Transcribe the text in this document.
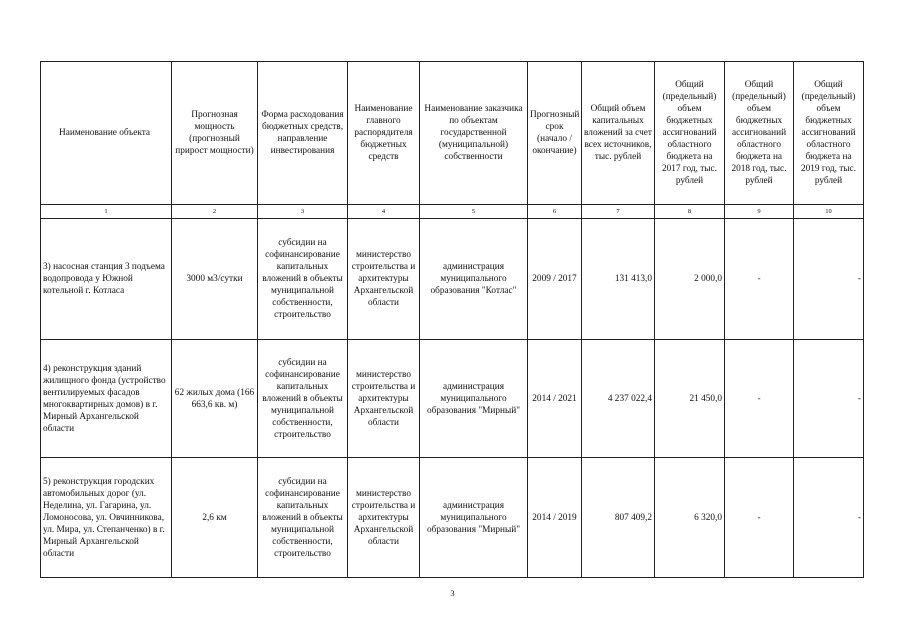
Наименование объекта	Прогнозная мощность (прогнозный прирост мощности)	Форма расходования бюджетных средств, направление инвестирования	Наименование главного распорядителя бюджетных средств	Наименование заказчика по объектам государственной (муниципальной) собственности	Прогнозный срок (начало / окончание)	Общий объем капитальных вложений за счет всех источников, тыс. рублей	Общий (предельный) объем бюджетных ассигнований областного бюджета на 2017 год, тыс. рублей	Общий (предельный) объем бюджетных ассигнований областного бюджета на 2018 год, тыс. рублей	Общий (предельный) объем бюджетных ассигнований областного бюджета на 2019 год, тыс. рублей
1	2	3	4	5	6	7	8	9	10
3) насосная станция 3 подъема водопровода у Южной котельной г. Котласа	3000 м3/сутки	субсидии на софинансирование капитальных вложений в объекты муниципальной собственности, строительство	министерство строительства и архитектуры Архангельской области	администрация муниципального образования "Котлас"	2009 / 2017	131 413,0	2 000,0	-	-
4) реконструкция зданий жилищного фонда (устройство вентилируемых фасадов многоквартирных домов) в г. Мирный Архангельской области	62 жилых дома (166 663,6 кв. м)	субсидии на софинансирование капитальных вложений в объекты муниципальной собственности, строительство	министерство строительства и архитектуры Архангельской области	администрация муниципального образования "Мирный"	2014 / 2021	4 237 022,4	21 450,0	-	-
5) реконструкция городских автомобильных дорог (ул. Неделина, ул. Гагарина, ул. Ломоносова, ул. Овчинникова, ул. Мира, ул. Степанченко) в г. Мирный Архангельской области	2,6 км	субсидии на софинансирование капитальных вложений в объекты муниципальной собственности, строительство	министерство строительства и архитектуры Архангельской области	администрация муниципального образования "Мирный"	2014 / 2019	807 409,2	6 320,0	-	-
3
